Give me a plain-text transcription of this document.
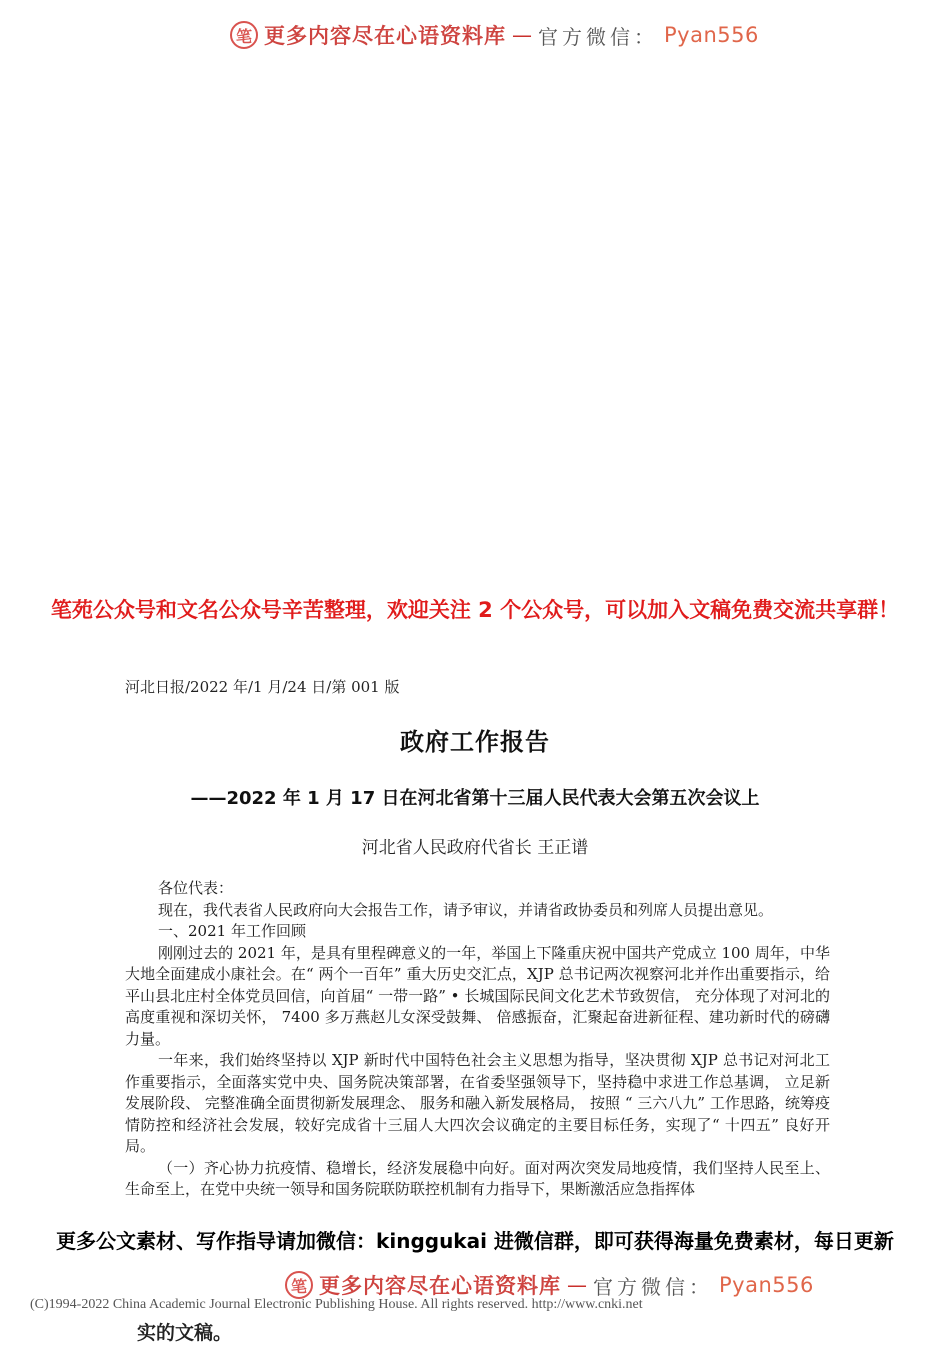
笔 更多内容尽在心语资料库 — 官方微信： Pyan556
笔苑公众号和文名公众号辛苦整理，欢迎关注 2 个公众号，可以加入文稿免费交流共享群！
河北日报/2022 年/1 月/24 日/第 001 版
政府工作报告
——2022 年 1 月 17 日在河北省第十三届人民代表大会第五次会议上
河北省人民政府代省长 王正谱

各位代表：

现在，我代表省人民政府向大会报告工作，请予审议，并请省政协委员和列席人员提出意见。

一、2021 年工作回顾

刚刚过去的 2021 年，是具有里程碑意义的一年，举国上下隆重庆祝中国共产党成立 100 周年，中华大地全面建成小康社会。在“ 两个一百年” 重大历史交汇点，XJP 总书记两次视察河北并作出重要指示，给平山县北庄村全体党员回信，向首届“ 一带一路” • 长城国际民间文化艺术节致贺信， 充分体现了对河北的高度重视和深切关怀， 7400 多万燕赵儿女深受鼓舞、 倍感振奋，汇聚起奋进新征程、建功新时代的磅礴力量。

一年来，我们始终坚持以 XJP 新时代中国特色社会主义思想为指导，坚决贯彻 XJP 总书记对河北工作重要指示，全面落实党中央、国务院决策部署，在省委坚强领导下，坚持稳中求进工作总基调， 立足新发展阶段、 完整准确全面贯彻新发展理念、 服务和融入新发展格局， 按照 “ 三六八九” 工作思路，统筹疫情防控和经济社会发展，较好完成省十三届人大四次会议确定的主要目标任务，实现了“ 十四五” 良好开局。

（一）齐心协力抗疫情、稳增长，经济发展稳中向好。面对两次突发局地疫情，我们坚持人民至上、生命至上，在党中央统一领导和国务院联防联控机制有力指导下，果断激活应急指挥体

更多公文素材、写作指导请加微信：kinggukai 进微信群，即可获得海量免费素材，每日更新
(C)1994-2022 China Academic Journal Electronic Publishing House. All rights reserved. http://www.cnki.net
笔 更多内容尽在心语资料库 — 官方微信： Pyan556
实的文稿。
